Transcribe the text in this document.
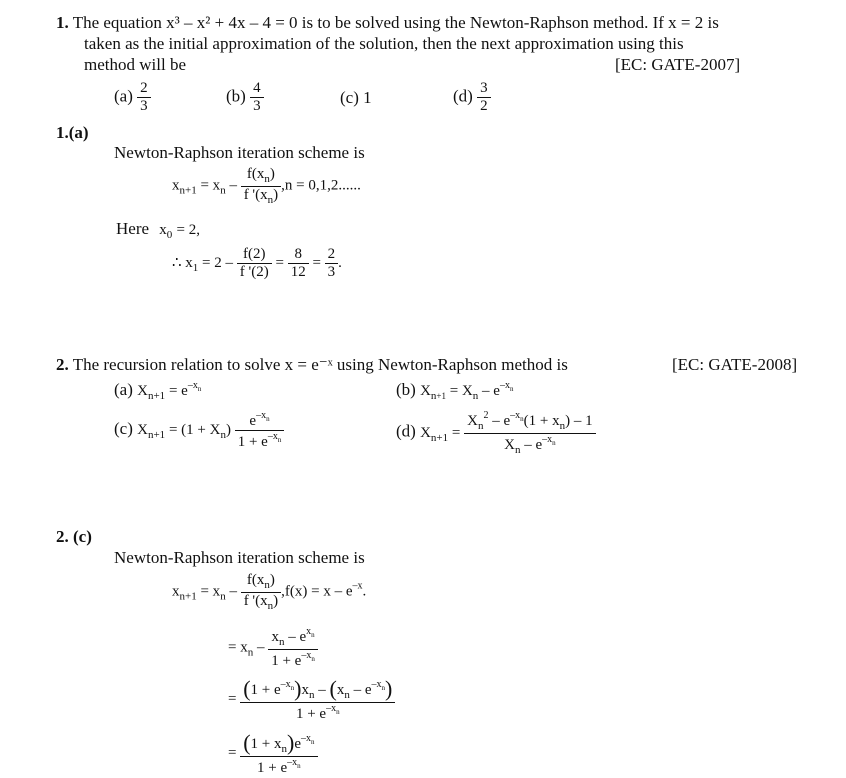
1. The equation x³ – x² + 4x – 4 = 0 is to be solved using the Newton-Raphson method. If x = 2 is
taken as the initial approximation of the solution, then the next approximation using this
method will be	[EC: GATE-2007]
$(a) \frac{2}{3}$	$(b) \frac{4}{3}$	(c) 1	$(d) \frac{3}{2}$
1.(a)
Newton-Raphson iteration scheme is
$x_{n+1} = x_n - \frac{f(x_n)}{f '(x_n)} ,n = 0,1,2$......
Here $x_0 = 2$,
∴ $x_1 = 2 - \frac{f(2)}{f '(2)} = \frac{8}{12} = \frac{2}{3}$ .
2. The recursion relation to solve x = e⁻ˣ using Newton-Raphson method is	[EC: GATE-2008]
(a) $X_{n+1} = e^{-x_n}$	(b) $X_{n+1} = X_n - e^{-x_n}$
(c) $X_{n+1} = (1 + X_n) \frac{e^{-x_n}}{1 + e^{-x_n}}$	(d) $X_{n+1} = \frac{X_n^2 - e^{-x_n}(1 + x_n) - 1}{X_n - e^{-x_n}}$
2. (c)
Newton-Raphson iteration scheme is
$x_{n+1} = x_n - \frac{f(x_n)}{f '(x_n)} ,f(x) = x - e^{-x}$.
= $x_n - \frac{x_n - e^{x_n}}{1 + e^{-x_n}}$
= $\frac{(1 + e^{-x_n})x_n - (x_n - e^{-x_n})}{1 + e^{-x_n}}$
= $\frac{(1 + x_n)e^{-x_n}}{1 + e^{-x_n}}$
